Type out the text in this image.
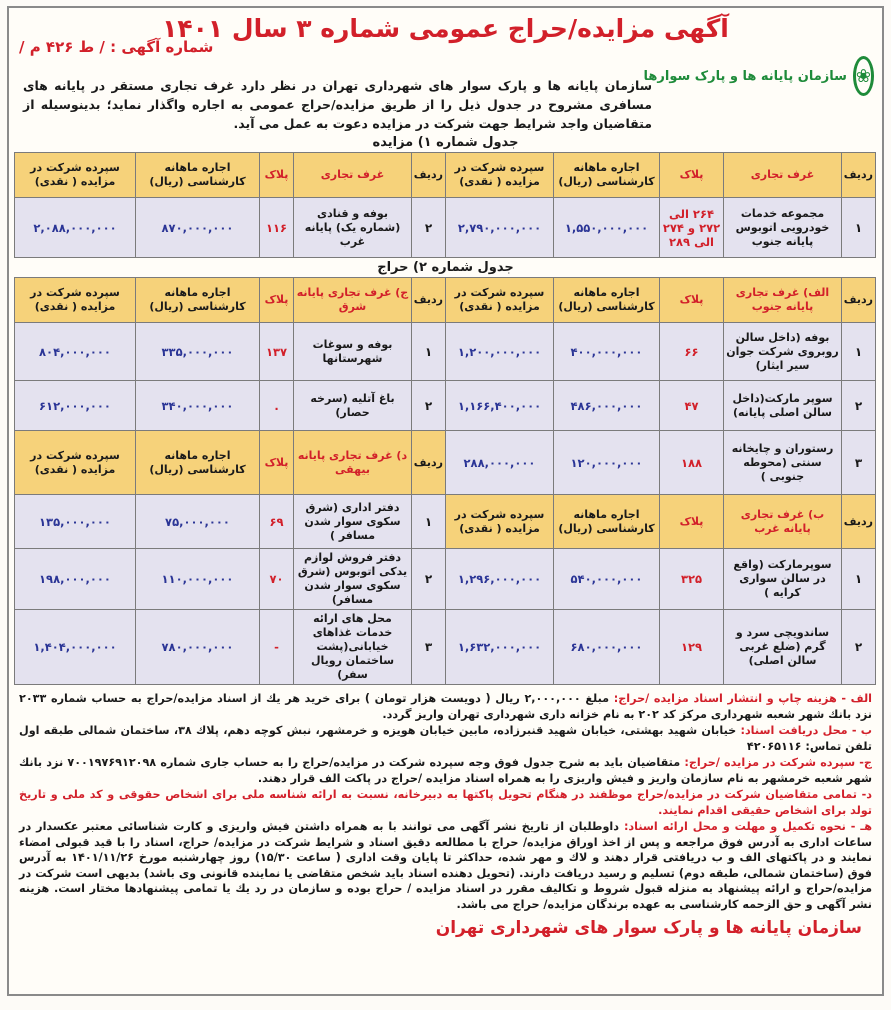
آگهی مزایده/حراج عمومی شماره ۳ سال ۱۴۰۱
شماره آگهی : / ط ۴۲۶ م /
❀
سازمان پایانه ها و پارک سوارها
سازمان پایانه ها و پارک سوار های شهرداری تهران در نظر دارد غرف تجاری مستقر در پایانه های مسافری مشروح در جدول ذیل را از طریق مزایده/حراج عمومی به اجاره واگذار نماید؛ بدینوسیله از متقاضیان واجد شرایط جهت شرکت در مزایده دعوت به عمل می آید.
جدول شماره ۱) مزایده
ردیف	غرف تجاری	پلاک	اجاره ماهانه کارشناسی (ریال)	سپرده شرکت در مزایده ( نقدی)	ردیف	غرف تجاری	پلاک	اجاره ماهانه کارشناسی (ریال)	سپرده شرکت در مزایده ( نقدی)
۱	مجموعه خدمات خودرویی اتوبوس پایانه جنوب	۲۶۴ الی ۲۷۲ و ۲۷۴ الی ۲۸۹	۱,۵۵۰,۰۰۰,۰۰۰	۲,۷۹۰,۰۰۰,۰۰۰	۲	بوفه و قنادی (شماره یک) پایانه غرب	۱۱۶	۸۷۰,۰۰۰,۰۰۰	۲,۰۸۸,۰۰۰,۰۰۰
جدول شماره ۲) حراج
ردیف	الف) غرف تجاری پایانه جنوب	پلاک	اجاره ماهانه کارشناسی (ریال)	سپرده شرکت در مزایده ( نقدی)	ردیف	ج) غرف تجاری پایانه شرق	پلاک	اجاره ماهانه کارشناسی (ریال)	سپرده شرکت در مزایده ( نقدی)
۱	بوفه (داخل سالن روبروی شرکت جوان سیر ایثار)	۶۶	۴۰۰,۰۰۰,۰۰۰	۱,۲۰۰,۰۰۰,۰۰۰	۱	بوفه و سوغات شهرستانها	۱۳۷	۳۳۵,۰۰۰,۰۰۰	۸۰۴,۰۰۰,۰۰۰
۲	سوپر مارکت(داخل سالن اصلی پایانه)	۴۷	۴۸۶,۰۰۰,۰۰۰	۱,۱۶۶,۴۰۰,۰۰۰	۲	باغ آتلیه (سرخه حصار)	.	۳۴۰,۰۰۰,۰۰۰	۶۱۲,۰۰۰,۰۰۰
۳	رستوران و چایخانه سنتی (محوطه جنوبی )	۱۸۸	۱۲۰,۰۰۰,۰۰۰	۲۸۸,۰۰۰,۰۰۰	ردیف	د) غرف تجاری پایانه بیهقی	پلاک	اجاره ماهانه کارشناسی (ریال)	سپرده شرکت در مزایده ( نقدی)
ردیف	ب) غرف تجاری پایانه غرب	پلاک	اجاره ماهانه کارشناسی (ریال)	سپرده شرکت در مزایده ( نقدی)	۱	دفتر اداری (شرق سکوی سوار شدن مسافر )	۶۹	۷۵,۰۰۰,۰۰۰	۱۳۵,۰۰۰,۰۰۰
۱	سوپرمارکت (واقع در سالن سواری کرایه )	۳۲۵	۵۴۰,۰۰۰,۰۰۰	۱,۲۹۶,۰۰۰,۰۰۰	۲	دفتر فروش لوازم یدکی اتوبوس (شرق سکوی سوار شدن مسافر)	۷۰	۱۱۰,۰۰۰,۰۰۰	۱۹۸,۰۰۰,۰۰۰
۲	ساندویچی سرد و گرم (ضلع غربی سالن اصلی)	۱۲۹	۶۸۰,۰۰۰,۰۰۰	۱,۶۳۲,۰۰۰,۰۰۰	۳	محل های ارائه خدمات غذاهای خیابانی(پشت ساختمان رویال سفر)	-	۷۸۰,۰۰۰,۰۰۰	۱,۴۰۴,۰۰۰,۰۰۰

الف - هزینه چاپ و انتشار اسناد مزایده /حراج: مبلغ ۲,۰۰۰,۰۰۰ ریال ( دویست هزار تومان ) برای خرید هر یك از اسناد مزایده/حراج به حساب شماره ۲۰۳۳ نزد بانك شهر شعبه شهرداری مرکز کد ۲۰۲ به نام خزانه داری شهرداری تهران واریز گردد.

ب - محل دریافت اسناد: خیابان شهید بهشتی، خیابان شهید قنبرزاده، مابین خیابان هویزه و خرمشهر، نبش کوچه دهم، پلاك ۳۸، ساختمان شمالی طبقه اول تلفن تماس: ۴۲۰۶۵۱۱۶

ج- سپرده شرکت در مزایده /حراج: متقاضیان باید به شرح جدول فوق وجه سپرده شرکت در مزایده/حراج را به حساب جاری شماره ۷۰۰۱۹۷۶۹۱۲۰۹۸ نزد بانك شهر شعبه خرمشهر به نام سازمان واریز و فیش واریزی را به همراه اسناد مزایده /حراج در پاکت الف قرار دهند.

د- تمامی متقاضیان شرکت در مزایده/حراج موظفند در هنگام تحویل پاکتها به دبیرخانه، نسبت به ارائه شناسه ملی برای اشخاص حقوقی و کد ملی و تاریخ تولد برای اشخاص حقیقی اقدام نمایند.

هـ - نحوه تکمیل و مهلت و محل ارائه اسناد: داوطلبان از تاریخ نشر آگهی می توانند با به همراه داشتن فیش واریزی و کارت شناسائی معتبر عکسدار در ساعات اداری به آدرس فوق مراجعه و پس از اخذ اوراق مزایده/ حراج با مطالعه دقیق اسناد و شرایط شرکت در مزایده/ حراج، اسناد را با قید قبولی امضاء نمایند و در پاکتهای الف و ب دریافتی قرار دهند و لاك و مهر شده، حداکثر تا پایان وقت اداری ( ساعت ۱۵/۳۰) روز چهارشنبه مورخ ۱۴۰۱/۱۱/۲۶ به آدرس فوق (ساختمان شمالی، طبقه دوم) تسلیم و رسید دریافت دارند. (تحویل دهنده اسناد باید شخص متقاضی یا نماینده قانونی وی باشد) بدیهی است شرکت در مزایده/حراج و ارائه پیشنهاد به منزله قبول شروط و تکالیف مقرر در اسناد مزایده / حراج بوده و سازمان در رد یك یا تمامی پیشنهادها مختار است. هزینه نشر آگهی و حق الزحمه کارشناسی به عهده برندگان مزایده/ حراج می باشد.

سازمان پایانه ها و پارک سوار های شهرداری تهران
